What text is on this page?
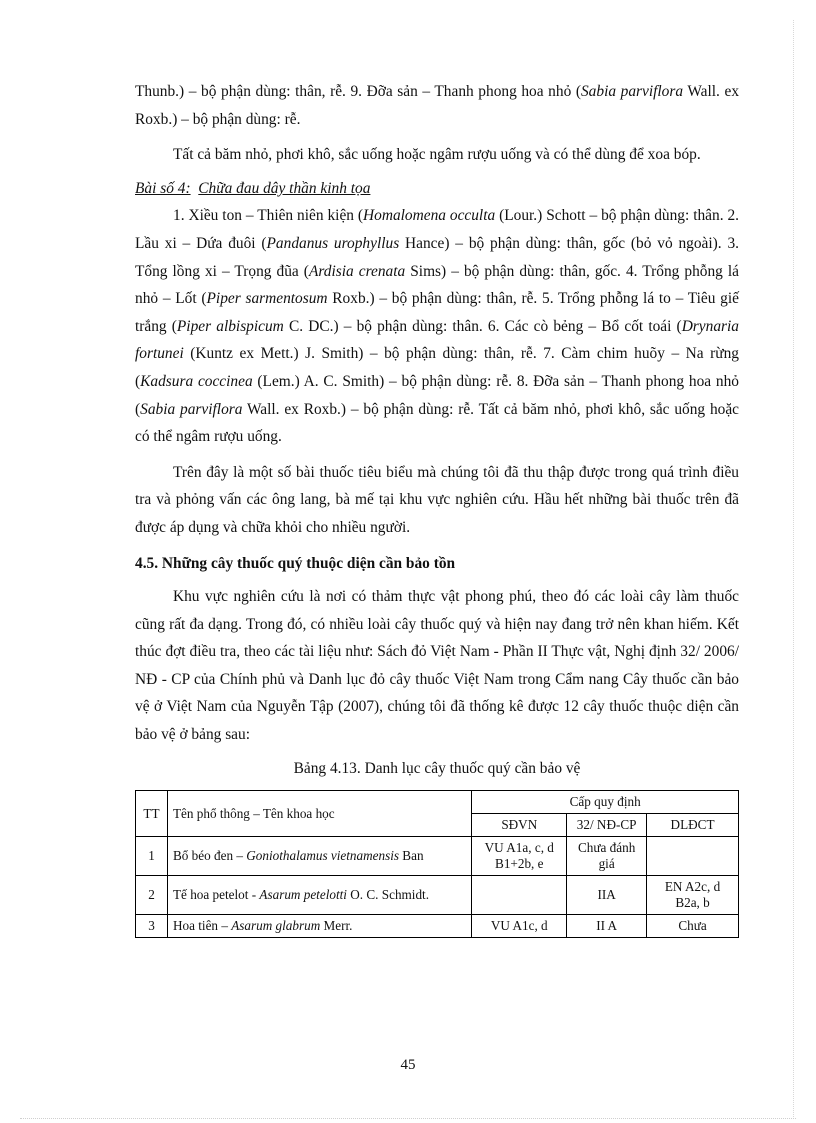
Thunb.) – bộ phận dùng: thân, rễ. 9. Đỡa sản – Thanh phong hoa nhỏ (Sabia parviflora Wall. ex Roxb.) – bộ phận dùng: rễ.

Tất cả băm nhỏ, phơi khô, sắc uống hoặc ngâm rượu uống và có thể dùng để xoa bóp.

Bài số 4: Chữa đau dây thần kinh tọa

1. Xiều ton – Thiên niên kiện (Homalomena occulta (Lour.) Schott – bộ phận dùng: thân. 2. Lầu xi – Dứa đuôi (Pandanus urophyllus Hance) – bộ phận dùng: thân, gốc (bỏ vỏ ngoài). 3. Tổng lồng xi – Trọng đũa (Ardisia crenata Sims) – bộ phận dùng: thân, gốc. 4. Trổng phỗng lá nhỏ – Lốt (Piper sarmentosum Roxb.) – bộ phận dùng: thân, rễ. 5. Trổng phỗng lá to – Tiêu giế trắng (Piper albispicum C. DC.) – bộ phận dùng: thân. 6. Các cò bẻng – Bổ cốt toái (Drynaria fortunei (Kuntz ex Mett.) J. Smith) – bộ phận dùng: thân, rễ. 7. Càm chim huõy – Na rừng (Kadsura coccinea (Lem.) A. C. Smith) – bộ phận dùng: rễ. 8. Đỡa sản – Thanh phong hoa nhỏ (Sabia parviflora Wall. ex Roxb.) – bộ phận dùng: rễ. Tất cả băm nhỏ, phơi khô, sắc uống hoặc có thể ngâm rượu uống.

Trên đây là một số bài thuốc tiêu biểu mà chúng tôi đã thu thập được trong quá trình điều tra và phỏng vấn các ông lang, bà mế tại khu vực nghiên cứu. Hầu hết những bài thuốc trên đã được áp dụng và chữa khỏi cho nhiều người.

4.5. Những cây thuốc quý thuộc diện cần bảo tồn

Khu vực nghiên cứu là nơi có thảm thực vật phong phú, theo đó các loài cây làm thuốc cũng rất đa dạng. Trong đó, có nhiều loài cây thuốc quý và hiện nay đang trở nên khan hiếm. Kết thúc đợt điều tra, theo các tài liệu như: Sách đỏ Việt Nam - Phần II Thực vật, Nghị định 32/ 2006/ NĐ - CP của Chính phủ và Danh lục đỏ cây thuốc Việt Nam trong Cẩm nang Cây thuốc cần bảo vệ ở Việt Nam của Nguyễn Tập (2007), chúng tôi đã thống kê được 12 cây thuốc thuộc diện cần bảo vệ ở bảng sau:

Bảng 4.13. Danh lục cây thuốc quý cần bảo vệ
TT	Tên phổ thông – Tên khoa học	Cấp quy định		
		SĐVN	32/ NĐ-CP	DLĐCT
1	Bổ béo đen – Goniothalamus vietnamensis Ban	VU A1a, c, d B1+2b, e	Chưa đánh giá	
2	Tế hoa petelot - Asarum petelotti O. C. Schmidt.		IIA	EN A2c, d B2a, b
3	Hoa tiên – Asarum glabrum Merr.	VU A1c, d	II A	Chưa
45
